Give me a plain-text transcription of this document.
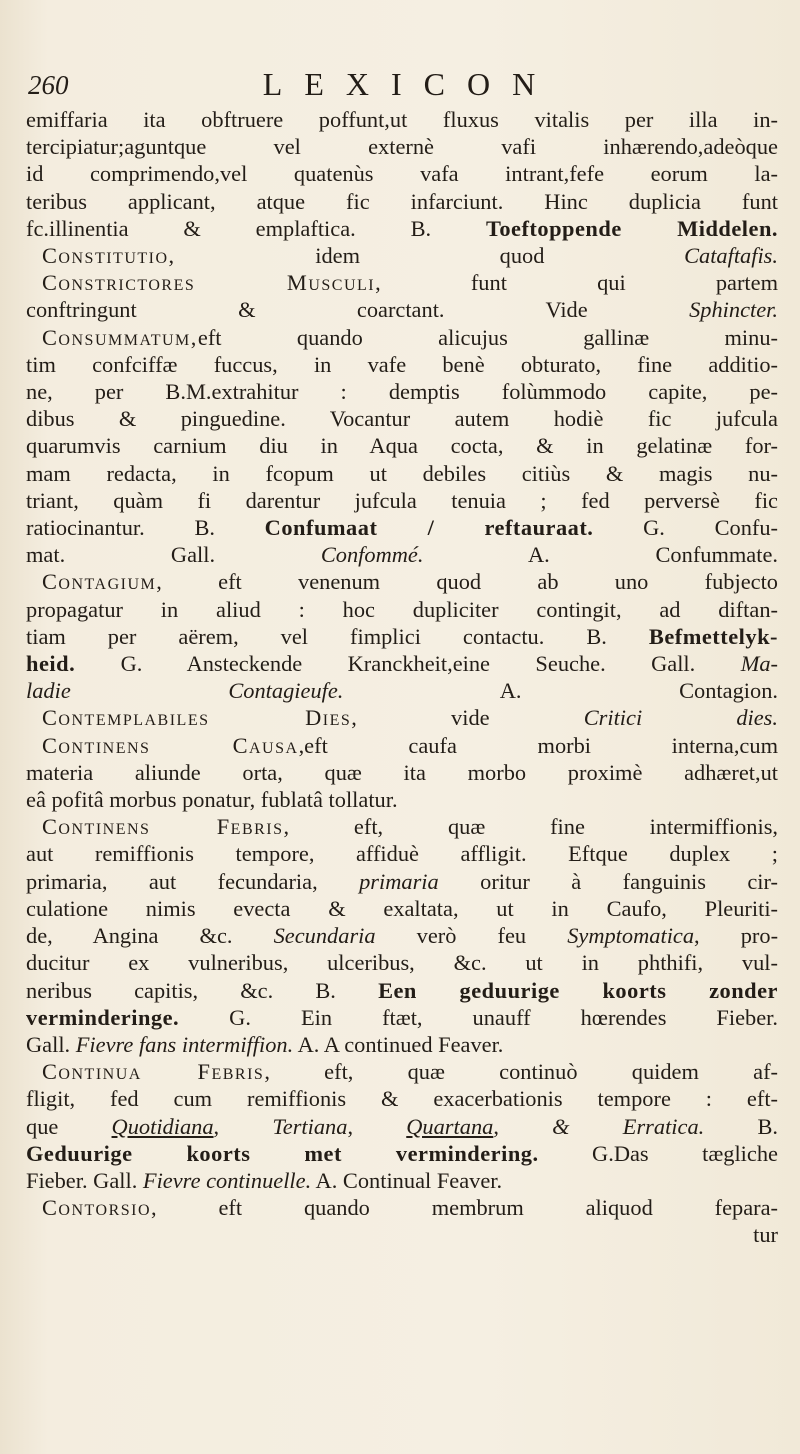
260	LEXICON
emiffaria ita obftruere poffunt,ut fluxus vitalis per illa in-
tercipiatur;aguntque vel externè vafi inhærendo,adeòque
id comprimendo,vel quatenùs vafa intrant,fefe eorum la-
teribus applicant, atque fic infarciunt. Hinc duplicia funt
fc.illinentia & emplaftica. B. Toeftoppende Middelen.
Constitutio, idem quod Cataftafis.
Constrictores Musculi, funt qui partem
conftringunt & coarctant. Vide Sphincter.
Consummatum,eft quando alicujus gallinæ minu-
tim confciffæ fuccus, in vafe benè obturato, fine additio-
ne, per B.M.extrahitur : demptis folùmmodo capite, pe-
dibus & pinguedine. Vocantur autem hodiè fic jufcula
quarumvis carnium diu in Aqua cocta, & in gelatinæ for-
mam redacta, in fcopum ut debiles citiùs & magis nu-
triant, quàm fi darentur jufcula tenuia ; fed perversè fic
ratiocinantur. B. Confumaat / reftauraat. G. Confu-
mat. Gall. Confommé. A. Confummate.
Contagium, eft venenum quod ab uno fubjecto
propagatur in aliud : hoc dupliciter contingit, ad diftan-
tiam per aërem, vel fimplici contactu. B. Befmettelyk-
heid. G. Ansteckende Kranckheit,eine Seuche. Gall. Ma-
ladie Contagieufe. A. Contagion.
Contemplabiles Dies, vide Critici dies.
Continens Causa,eft caufa morbi interna,cum
materia aliunde orta, quæ ita morbo proximè adhæret,ut
eâ pofitâ morbus ponatur, fublatâ tollatur.
Continens Febris, eft, quæ fine intermiffionis,
aut remiffionis tempore, affiduè affligit. Eftque duplex ;
primaria, aut fecundaria, primaria oritur à fanguinis cir-
culatione nimis evecta & exaltata, ut in Caufo, Pleuriti-
de, Angina &c. Secundaria verò feu Symptomatica, pro-
ducitur ex vulneribus, ulceribus, &c. ut in phthifi, vul-
neribus capitis, &c. B. Een geduurige koorts zonder
verminderinge. G. Ein ftæt, unauff hœrendes Fieber.
Gall. Fievre fans intermiffion. A. A continued Feaver.
Continua Febris, eft, quæ continuò quidem af-
fligit, fed cum remiffionis & exacerbationis tempore : eft-
que Quotidiana, Tertiana, Quartana, & Erratica. B.
Geduurige koorts met vermindering. G.Das tægliche
Fieber. Gall. Fievre continuelle. A. Continual Feaver.
Contorsio, eft quando membrum aliquod fepara-
tur
